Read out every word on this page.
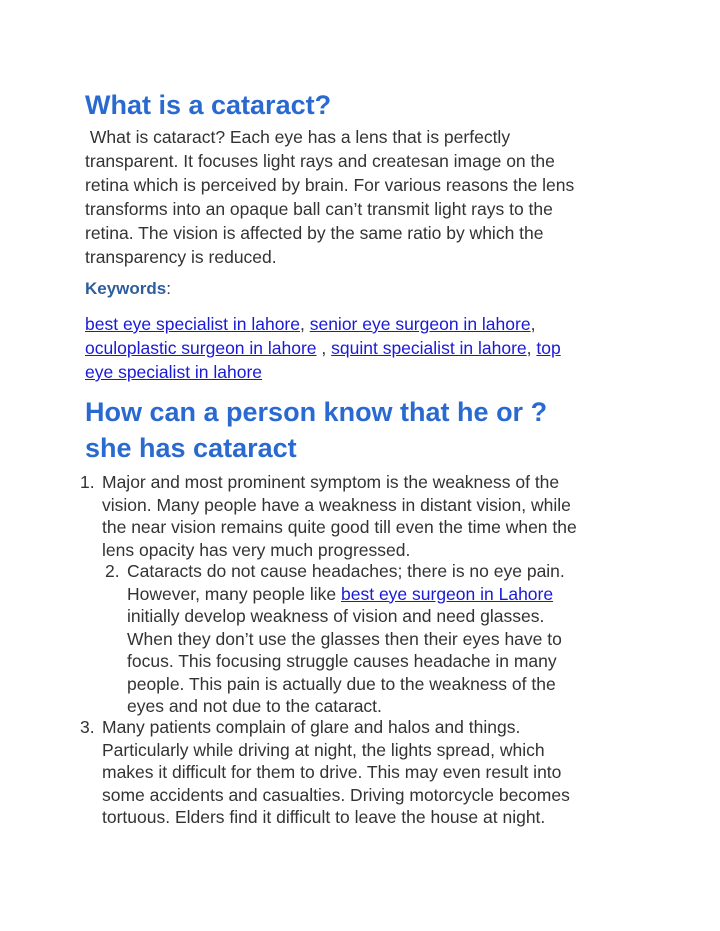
What is a cataract?

What is cataract? Each eye has a lens that is perfectly
transparent. It focuses light rays and createsan image on the
retina which is perceived by brain. For various reasons the lens
transforms into an opaque ball can’t transmit light rays to the
retina. The vision is affected by the same ratio by which the
transparency is reduced.

Keywords:
best eye specialist in lahore, senior eye surgeon in lahore,
oculoplastic surgeon in lahore , squint specialist in lahore, top
eye specialist in lahore
How can a person know that he or ?
she has cataract
1. Major and most prominent symptom is the weakness of the
vision. Many people have a weakness in distant vision, while
the near vision remains quite good till even the time when the
lens opacity has very much progressed.
2. Cataracts do not cause headaches; there is no eye pain.
However, many people like best eye surgeon in Lahore
initially develop weakness of vision and need glasses.
When they don’t use the glasses then their eyes have to
focus. This focusing struggle causes headache in many
people. This pain is actually due to the weakness of the
eyes and not due to the cataract.
3. Many patients complain of glare and halos and things.
Particularly while driving at night, the lights spread, which
makes it difficult for them to drive. This may even result into
some accidents and casualties. Driving motorcycle becomes
tortuous. Elders find it difficult to leave the house at night.
